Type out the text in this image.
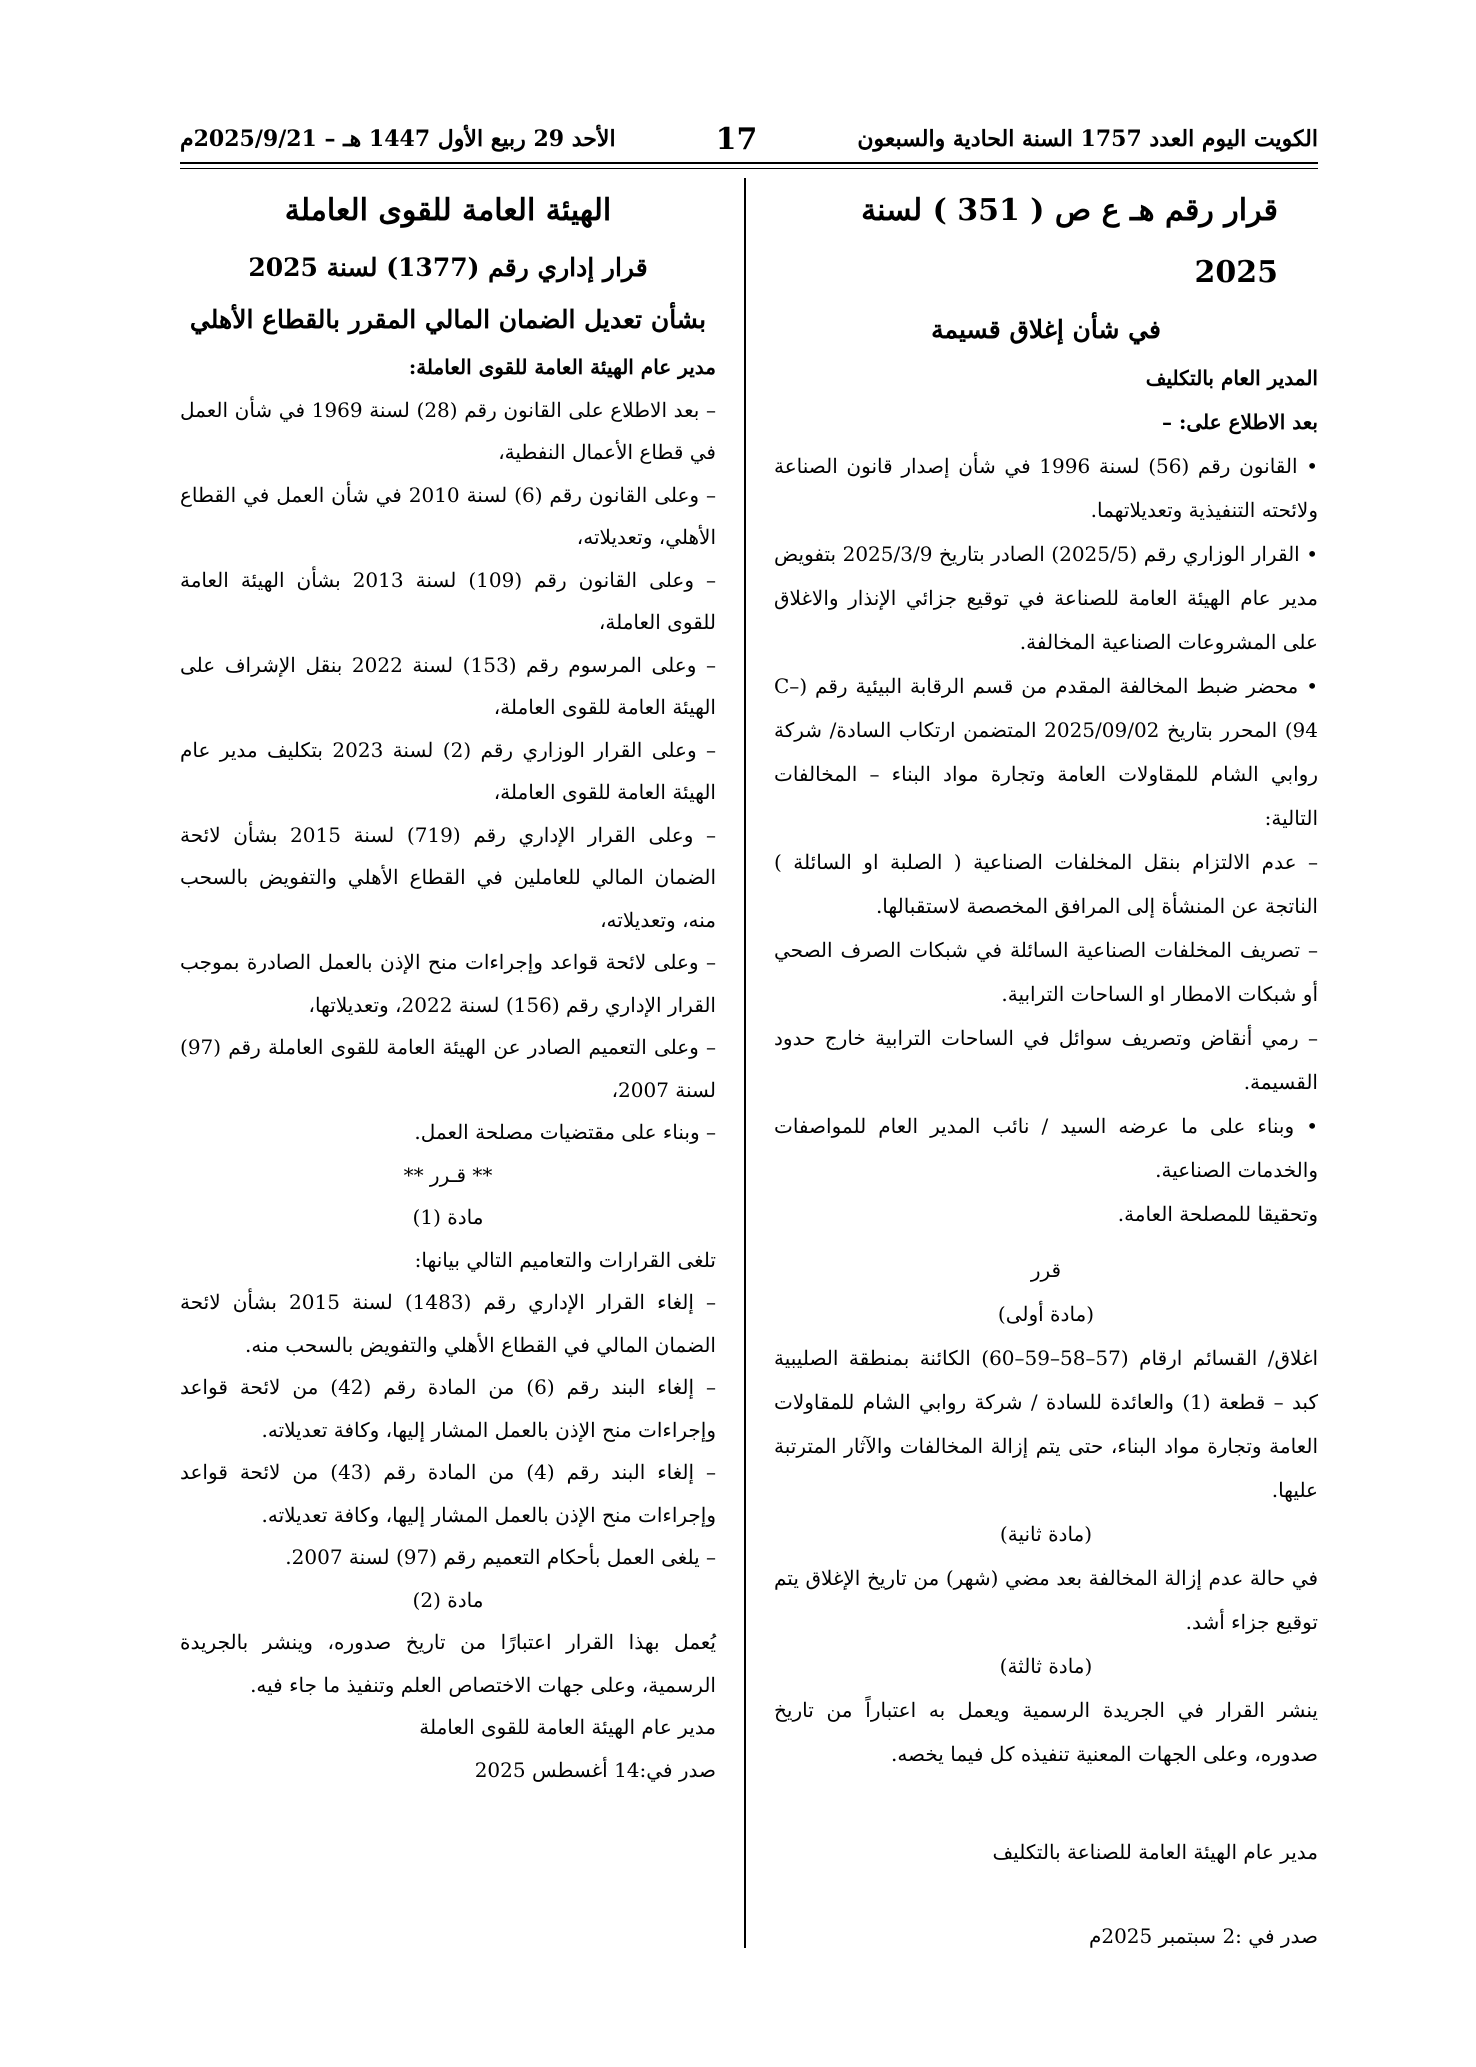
الكويت اليوم العدد 1757 السنة الحادية والسبعون
17
الأحد 29 ربيع الأول 1447 هـ – 2025/9/21م

قرار رقم هـ ع ص ( 351 ) لسنة 2025

في شأن إغلاق قسيمة

المدير العام بالتكليف

بعد الاطلاع على: –

• القانون رقم (56) لسنة 1996 في شأن إصدار قانون الصناعة ولائحته التنفيذية وتعديلاتهما.

• القرار الوزاري رقم (2025/5) الصادر بتاريخ 2025/3/9 بتفويض مدير عام الهيئة العامة للصناعة في توقيع جزائي الإنذار والاغلاق على المشروعات الصناعية المخالفة.

• محضر ضبط المخالفة المقدم من قسم الرقابة البيئية رقم (C–94) المحرر بتاريخ 2025/09/02 المتضمن ارتكاب السادة/ شركة روابي الشام للمقاولات العامة وتجارة مواد البناء – المخالفات التالية:

– عدم الالتزام بنقل المخلفات الصناعية ( الصلبة او السائلة ) الناتجة عن المنشأة إلى المرافق المخصصة لاستقبالها.

– تصريف المخلفات الصناعية السائلة في شبكات الصرف الصحي أو شبكات الامطار او الساحات الترابية.

– رمي أنقاض وتصريف سوائل في الساحات الترابية خارج حدود القسيمة.

• وبناء على ما عرضه السيد / نائب المدير العام للمواصفات والخدمات الصناعية.

وتحقيقا للمصلحة العامة.

قرر

(مادة أولى)

اغلاق/ القسائم ارقام (57–58–59–60) الكائنة بمنطقة الصليبية كبد – قطعة (1) والعائدة للسادة / شركة روابي الشام للمقاولات العامة وتجارة مواد البناء، حتى يتم إزالة المخالفات والآثار المترتبة عليها.

(مادة ثانية)

في حالة عدم إزالة المخالفة بعد مضي (شهر) من تاريخ الإغلاق يتم توقيع جزاء أشد.

(مادة ثالثة)

ينشر القرار في الجريدة الرسمية ويعمل به اعتباراً من تاريخ صدوره، وعلى الجهات المعنية تنفيذه كل فيما يخصه.

مدير عام الهيئة العامة للصناعة بالتكليف

صدر في :2 سبتمبر 2025م

الهيئة العامة للقوى العاملة

قرار إداري رقم (1377) لسنة 2025

بشأن تعديل الضمان المالي المقرر بالقطاع الأهلي

مدير عام الهيئة العامة للقوى العاملة:

– بعد الاطلاع على القانون رقم (28) لسنة 1969 في شأن العمل في قطاع الأعمال النفطية،

– وعلى القانون رقم (6) لسنة 2010 في شأن العمل في القطاع الأهلي، وتعديلاته،

– وعلى القانون رقم (109) لسنة 2013 بشأن الهيئة العامة للقوى العاملة،

– وعلى المرسوم رقم (153) لسنة 2022 بنقل الإشراف على الهيئة العامة للقوى العاملة،

– وعلى القرار الوزاري رقم (2) لسنة 2023 بتكليف مدير عام الهيئة العامة للقوى العاملة،

– وعلى القرار الإداري رقم (719) لسنة 2015 بشأن لائحة الضمان المالي للعاملين في القطاع الأهلي والتفويض بالسحب منه، وتعديلاته،

– وعلى لائحة قواعد وإجراءات منح الإذن بالعمل الصادرة بموجب القرار الإداري رقم (156) لسنة 2022، وتعديلاتها،

– وعلى التعميم الصادر عن الهيئة العامة للقوى العاملة رقم (97) لسنة 2007،

– وبناء على مقتضيات مصلحة العمل.

** قـرر **

مادة (1)

تلغى القرارات والتعاميم التالي بيانها:

– إلغاء القرار الإداري رقم (1483) لسنة 2015 بشأن لائحة الضمان المالي في القطاع الأهلي والتفويض بالسحب منه.

– إلغاء البند رقم (6) من المادة رقم (42) من لائحة قواعد وإجراءات منح الإذن بالعمل المشار إليها، وكافة تعديلاته.

– إلغاء البند رقم (4) من المادة رقم (43) من لائحة قواعد وإجراءات منح الإذن بالعمل المشار إليها، وكافة تعديلاته.

– يلغى العمل بأحكام التعميم رقم (97) لسنة 2007.

مادة (2)

يُعمل بهذا القرار اعتبارًا من تاريخ صدوره، وينشر بالجريدة الرسمية، وعلى جهات الاختصاص العلم وتنفيذ ما جاء فيه.

مدير عام الهيئة العامة للقوى العاملة

صدر في:14 أغسطس 2025
